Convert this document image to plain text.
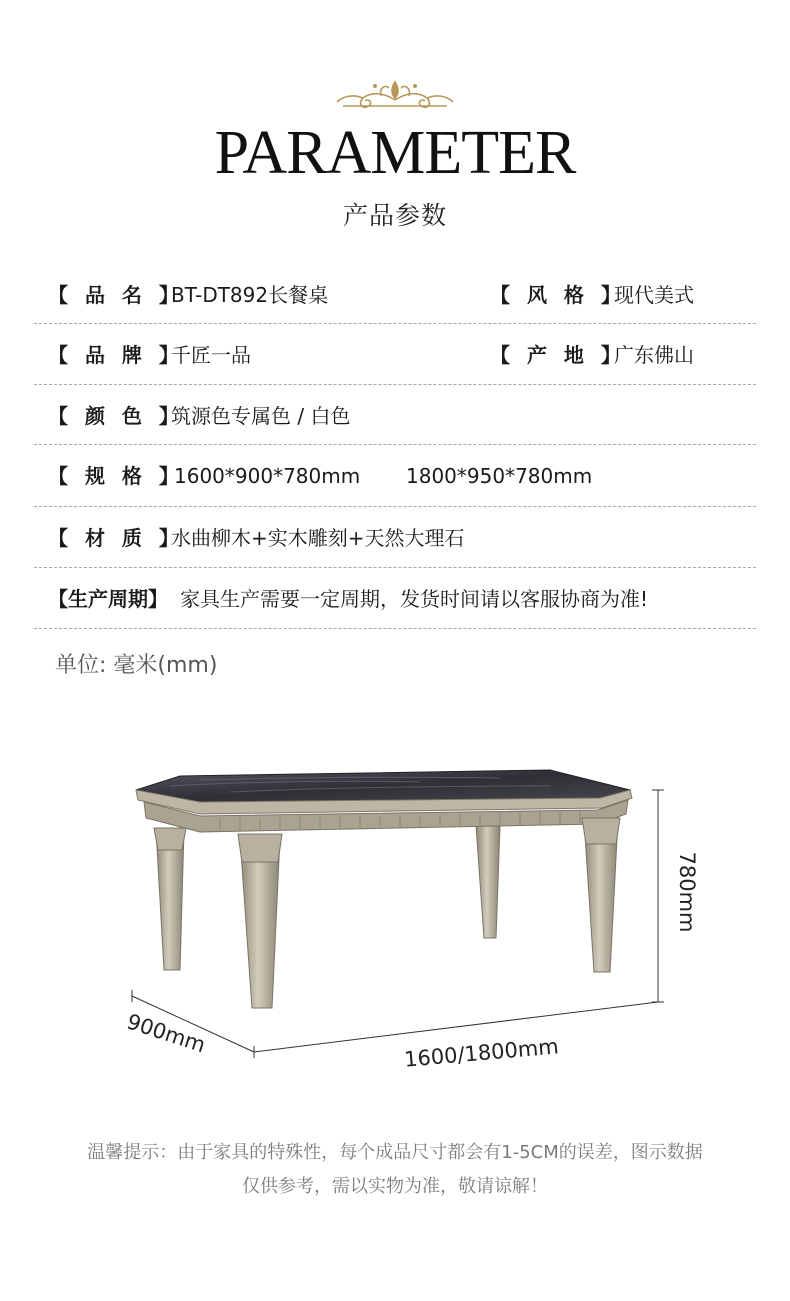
PARAMETER
产品参数
【 品 名 】
BT-DT892长餐桌	【 风 格 】
现代美式
【 品 牌 】
千匠一品	【 产 地 】
广东佛山
【 颜 色 】
筑源色专属色 / 白色
【 规 格 】
1600*900*780mm 1800*950*780mm
【 材 质 】
水曲柳木+实木雕刻+天然大理石
【生产周期】 家具生产需要一定周期，发货时间请以客服协商为准!
单位: 毫米(mm)
780mm
900mm	1600/1800mm
温馨提示：由于家具的特殊性，每个成品尺寸都会有1-5CM的误差，图示数据
仅供参考，需以实物为准，敬请谅解！
